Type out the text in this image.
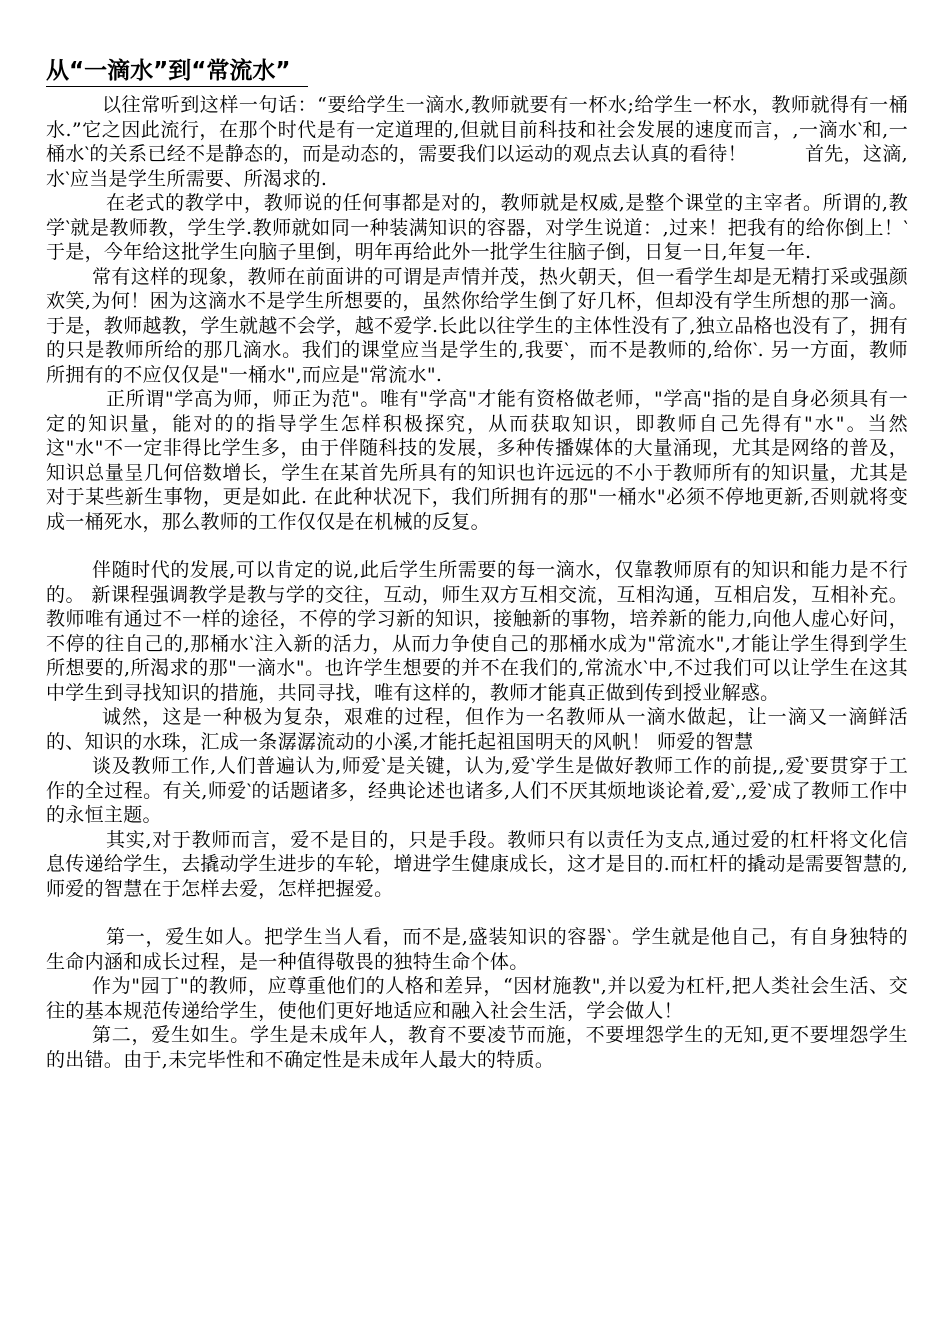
从“一滴水”到“常流水”

以往常听到这样一句话：“要给学生一滴水,教师就要有一杯水;给学生一杯水，教师就得有一桶水.”它之因此流行，在那个时代是有一定道理的,但就目前科技和社会发展的速度而言，,一滴水‵和,一桶水‵的关系已经不是静态的，而是动态的，需要我们以运动的观点去认真的看待！　　　首先，这滴,水‵应当是学生所需要、所渴求的.

在老式的教学中，教师说的任何事都是对的，教师就是权威,是整个课堂的主宰者。所谓的,教学‵就是教师教，学生学.教师就如同一种装满知识的容器，对学生说道：,过来！把我有的给你倒上！‵于是，今年给这批学生向脑子里倒，明年再给此外一批学生往脑子倒，日复一日,年复一年.

常有这样的现象，教师在前面讲的可谓是声情并茂，热火朝天，但一看学生却是无精打采或强颜欢笑,为何！困为这滴水不是学生所想要的，虽然你给学生倒了好几杯，但却没有学生所想的那一滴。 于是，教师越教，学生就越不会学，越不爱学.长此以往学生的主体性没有了,独立品格也没有了，拥有的只是教师所给的那几滴水。我们的课堂应当是学生的,我要‵，而不是教师的,给你‵. 另一方面，教师所拥有的不应仅仅是"一桶水",而应是"常流水".

正所谓"学高为师，师正为范"。唯有"学高"才能有资格做老师，"学高"指的是自身必须具有一定的知识量，能对的的指导学生怎样积极探究，从而获取知识，即教师自己先得有"水"。当然这"水"不一定非得比学生多，由于伴随科技的发展，多种传播媒体的大量涌现，尤其是网络的普及，知识总量呈几何倍数增长，学生在某首先所具有的知识也许远远的不小于教师所有的知识量，尤其是对于某些新生事物，更是如此. 在此种状况下，我们所拥有的那"一桶水"必须不停地更新,否则就将变成一桶死水，那么教师的工作仅仅是在机械的反复。

伴随时代的发展,可以肯定的说,此后学生所需要的每一滴水，仅靠教师原有的知识和能力是不行的。 新课程强调教学是教与学的交往，互动，师生双方互相交流，互相沟通，互相启发，互相补充。教师唯有通过不一样的途径，不停的学习新的知识，接触新的事物，培养新的能力,向他人虚心好问，不停的往自己的,那桶水‵注入新的活力，从而力争使自己的那桶水成为"常流水",才能让学生得到学生所想要的,所渴求的那"一滴水"。也许学生想要的并不在我们的,常流水‵中,不过我们可以让学生在这其中学生到寻找知识的措施，共同寻找，唯有这样的，教师才能真正做到传到授业解惑。

诚然，这是一种极为复杂，艰难的过程，但作为一名教师从一滴水做起，让一滴又一滴鲜活的、知识的水珠，汇成一条潺潺流动的小溪,才能托起祖国明天的风帆！ 师爱的智慧

谈及教师工作,人们普遍认为,师爱‵是关键，认为,爱‵学生是做好教师工作的前提,,爱‵要贯穿于工作的全过程。有关,师爱‵的话题诸多，经典论述也诸多,人们不厌其烦地谈论着,爱‵,,爱‵成了教师工作中的永恒主题。

其实,对于教师而言，爱不是目的，只是手段。教师只有以责任为支点,通过爱的杠杆将文化信息传递给学生，去撬动学生进步的车轮，增进学生健康成长，这才是目的.而杠杆的撬动是需要智慧的,师爱的智慧在于怎样去爱，怎样把握爱。

第一，爱生如人。把学生当人看，而不是,盛装知识的容器‵。学生就是他自己，有自身独特的生命内涵和成长过程，是一种值得敬畏的独特生命个体。

作为"园丁"的教师，应尊重他们的人格和差异，“因材施教",并以爱为杠杆,把人类社会生活、交往的基本规范传递给学生，使他们更好地适应和融入社会生活，学会做人！

第二，爱生如生。学生是未成年人，教育不要凌节而施，不要埋怨学生的无知,更不要埋怨学生的出错。由于,未完毕性和不确定性是未成年人最大的特质。
